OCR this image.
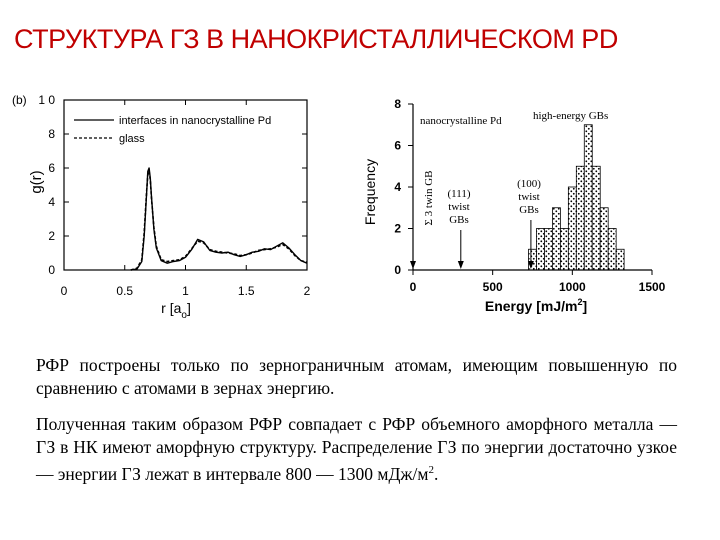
СТРУКТУРА ГЗ В НАНОКРИСТАЛЛИЧЕСКОМ PD
0	0.5	1	1.5	2
0
2
4
6
8
1 0
(b)
g(r)
r $[a_o]$
interfaces in nanocrystalline Pd
glass
0	500	1000	1500
0
2
4
6
8
Frequency
Energy $[mJ/m^2]$
nanocrystalline Pd	high-energy GBs
Σ 3 twin GB (111)
twist
GBs
(100)
twist
GBs

РФР построены только по зернограничным атомам, имеющим повышенную по сравнению с атомами в зернах энергию.

Полученная таким образом РФР совпадает с РФР объемного аморфного металла — ГЗ в НК имеют аморфную структуру. Распределение ГЗ по энергии достаточно узкое — энергии ГЗ лежат в интервале 800 — 1300 мДж/$м^2$.
